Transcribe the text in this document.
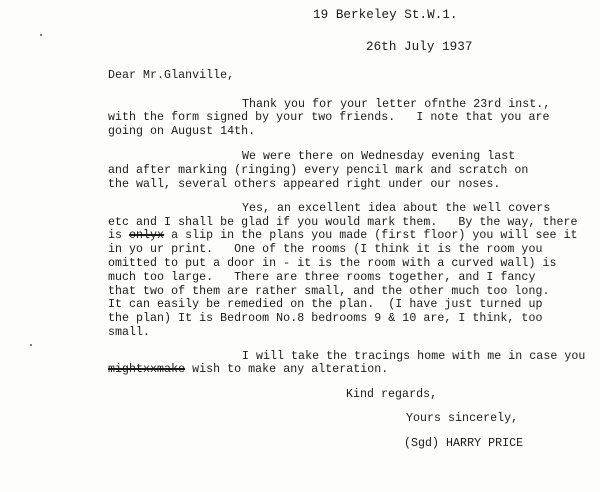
19 Berkeley St.W.1.
26th July 1937
Dear Mr.Glanville,
Thank you for your letter ofnthe 23rd inst.,
with the form signed by your two friends.   I note that you are
going on August 14th.
We were there on Wednesday evening last
and after marking (ringing) every pencil mark and scratch on
the wall, several others appeared right under our noses.
Yes, an excellent idea about the well covers
etc and I shall be glad if you would mark them.   By the way, there
is onlyx a slip in the plans you made (first floor) you will see it
in yo ur print.   One of the rooms (I think it is the room you
omitted to put a door in - it is the room with a curved wall) is
much too large.   There are three rooms together, and I fancy
that two of them are rather small, and the other much too long.
It can easily be remedied on the plan.  (I have just turned up
the plan) It is Bedroom No.8 bedrooms 9 & 10 are, I think, too
small.
I will take the tracings home with me in case you
mightxxmake wish to make any alteration.
Kind regards,
Yours sincerely,
(Sgd) HARRY PRICE
